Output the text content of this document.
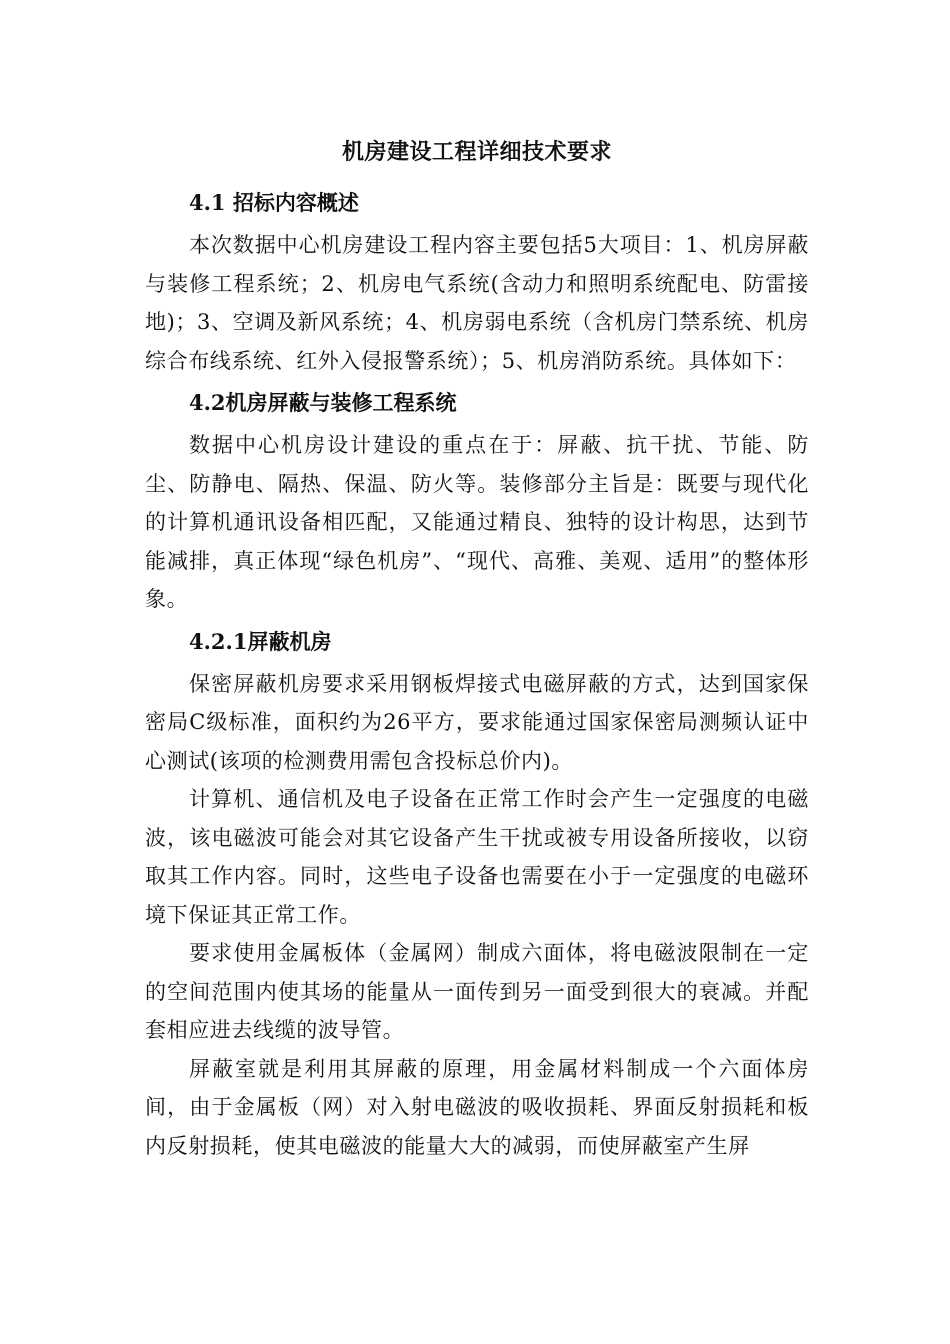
机房建设工程详细技术要求
4.1 招标内容概述

本次数据中心机房建设工程内容主要包括5大项目：1、机房屏蔽与装修工程系统；2、机房电气系统(含动力和照明系统配电、防雷接地)；3、空调及新风系统；4、机房弱电系统（含机房门禁系统、机房综合布线系统、红外入侵报警系统）；5、机房消防系统。具体如下：

4.2机房屏蔽与装修工程系统

数据中心机房设计建设的重点在于：屏蔽、抗干扰、节能、防尘、防静电、隔热、保温、防火等。装修部分主旨是：既要与现代化的计算机通讯设备相匹配，又能通过精良、独特的设计构思，达到节能减排，真正体现“绿色机房”、“现代、高雅、美观、适用”的整体形象。

4.2.1屏蔽机房

保密屏蔽机房要求采用钢板焊接式电磁屏蔽的方式，达到国家保密局C级标准，面积约为26平方，要求能通过国家保密局测频认证中心测试(该项的检测费用需包含投标总价内)。

计算机、通信机及电子设备在正常工作时会产生一定强度的电磁波，该电磁波可能会对其它设备产生干扰或被专用设备所接收，以窃取其工作内容。同时，这些电子设备也需要在小于一定强度的电磁环境下保证其正常工作。

要求使用金属板体（金属网）制成六面体，将电磁波限制在一定的空间范围内使其场的能量从一面传到另一面受到很大的衰减。并配套相应进去线缆的波导管。

屏蔽室就是利用其屏蔽的原理，用金属材料制成一个六面体房间，由于金属板（网）对入射电磁波的吸收损耗、界面反射损耗和板内反射损耗，使其电磁波的能量大大的减弱，而使屏蔽室产生屏
